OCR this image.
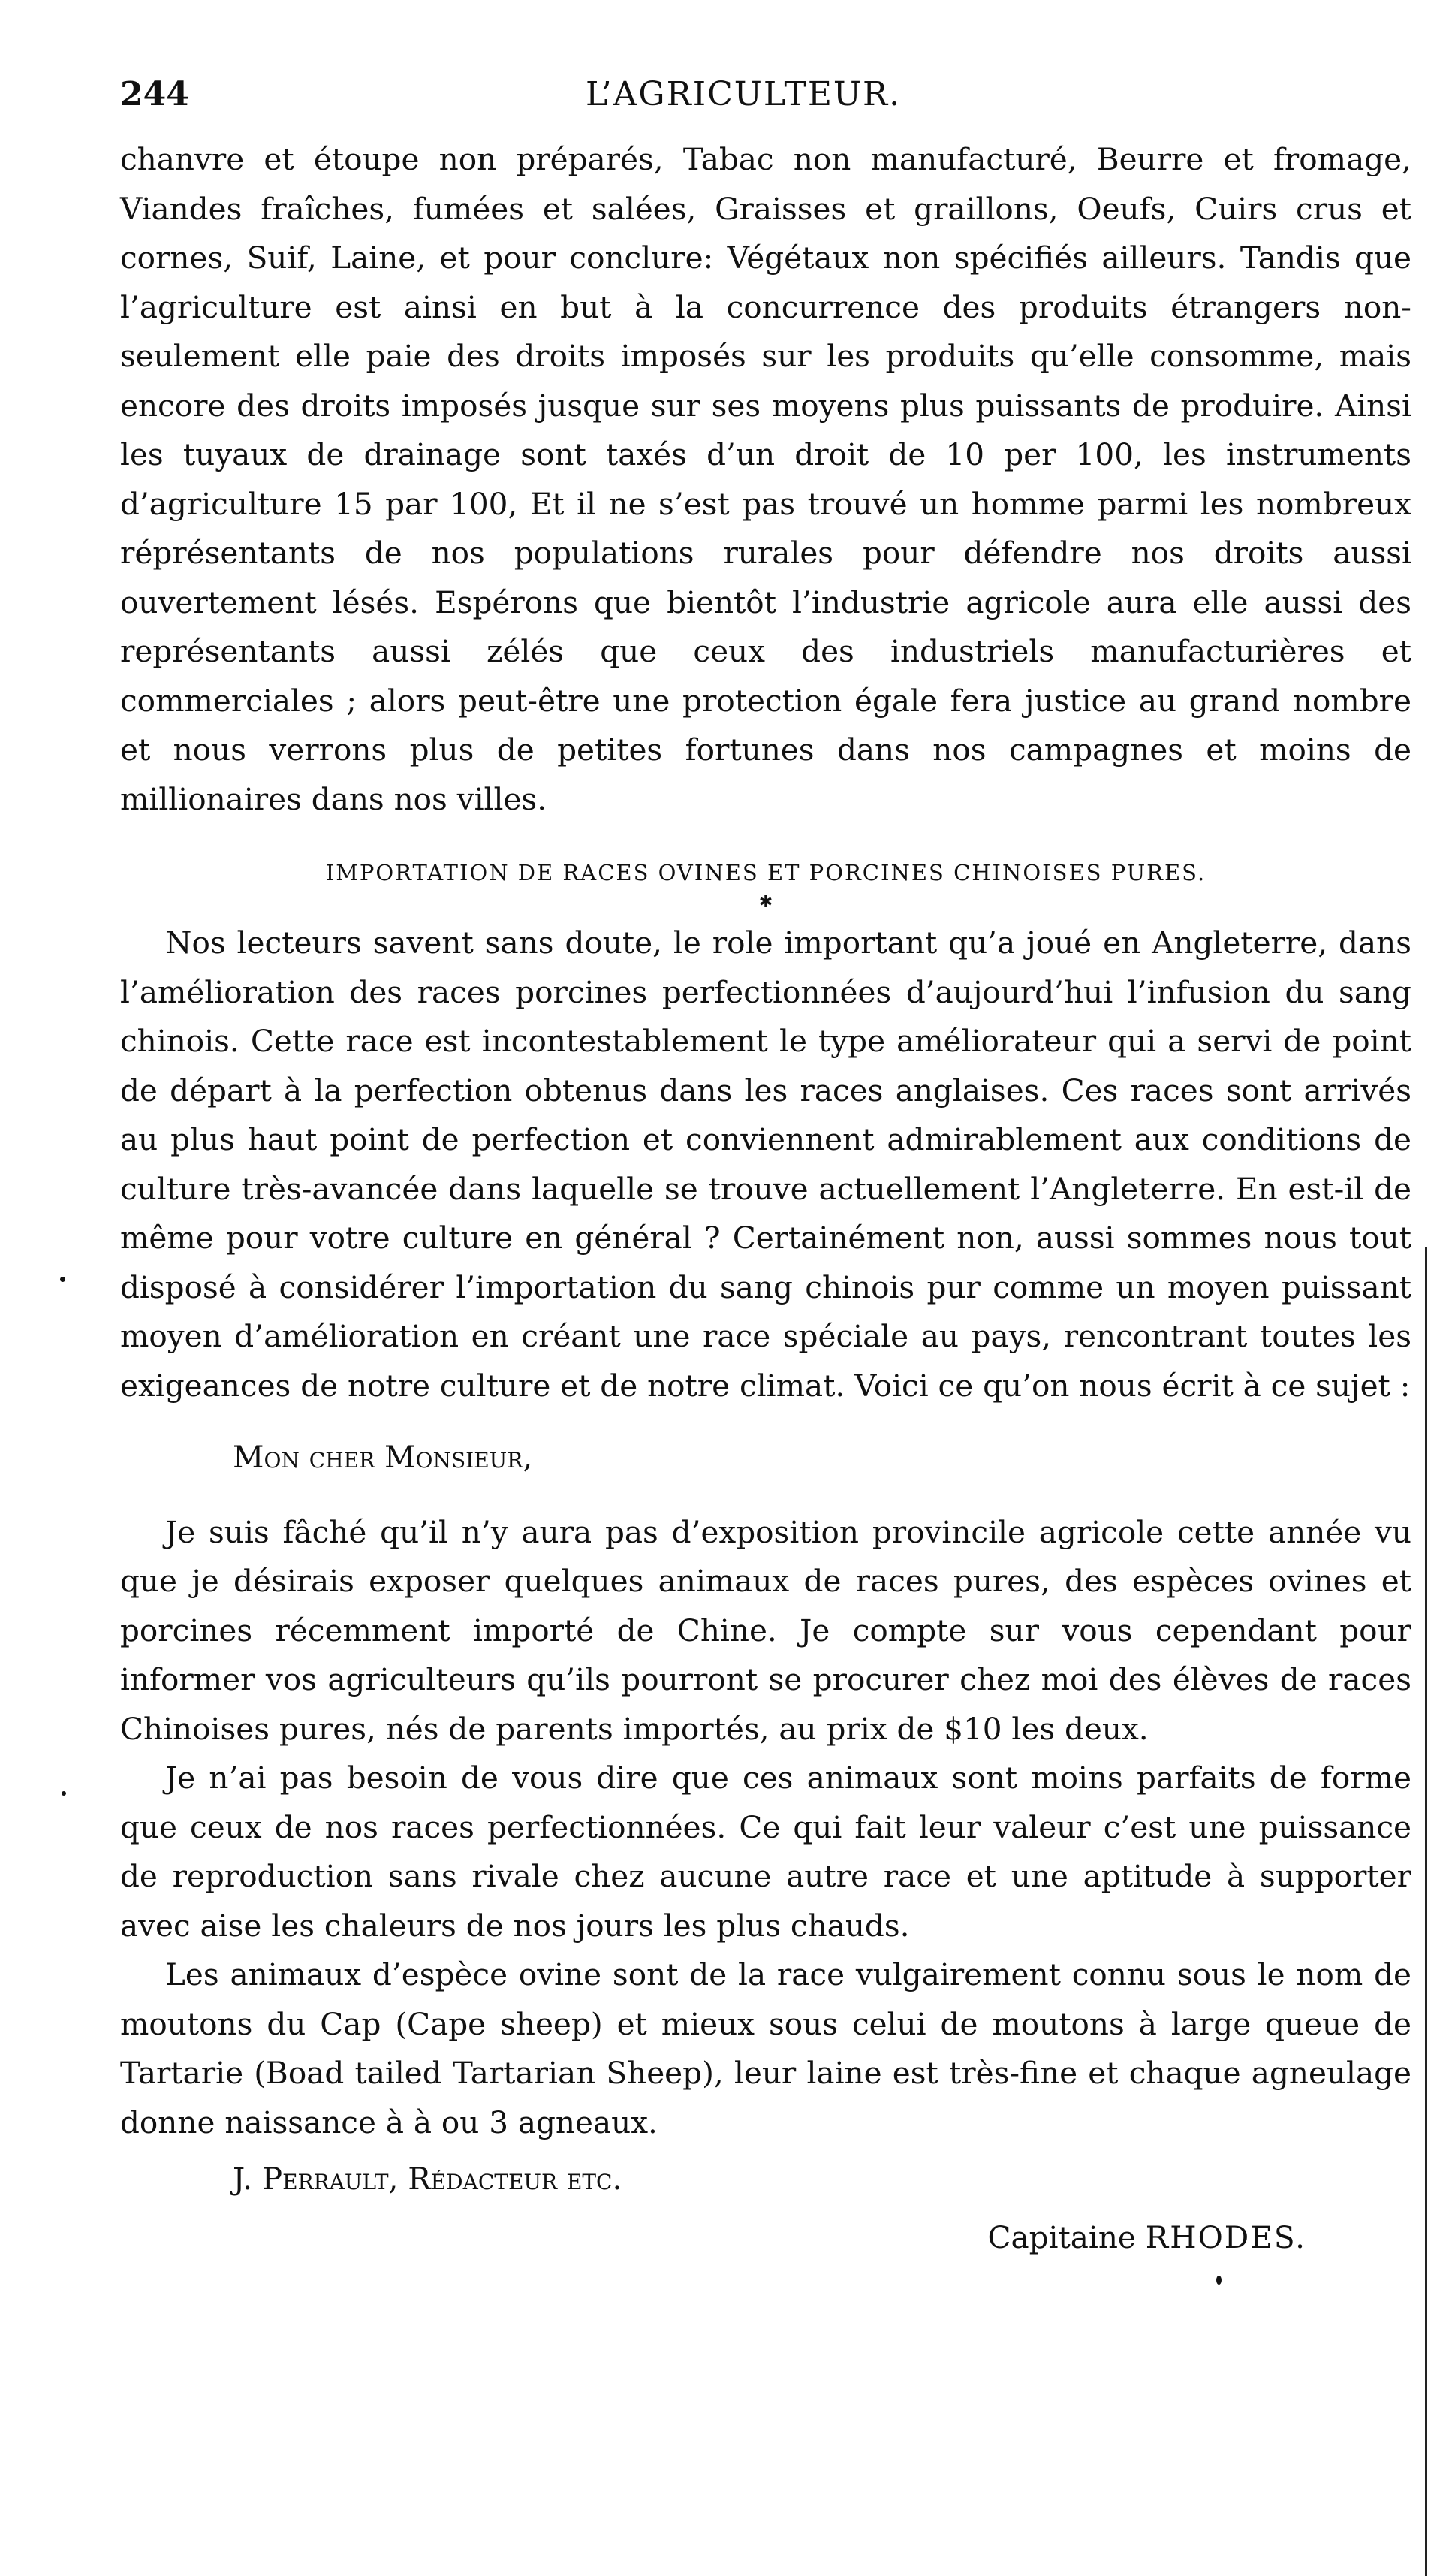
244	L’AGRICULTEUR.

chanvre et étoupe non préparés, Tabac non manufacturé, Beurre et fromage, Viandes fraîches, fumées et salées, Graisses et graillons, Oeufs, Cuirs crus et cornes, Suif, Laine, et pour conclure: Végétaux non spécifiés ailleurs. Tandis que l’agriculture est ainsi en but à la concurrence des produits étrangers non-seulement elle paie des droits imposés sur les produits qu’elle consomme, mais encore des droits imposés jusque sur ses moyens plus puissants de produire. Ainsi les tuyaux de drainage sont taxés d’un droit de 10 per 100, les instruments d’agriculture 15 par 100, Et il ne s’est pas trouvé un homme parmi les nombreux réprésentants de nos populations rurales pour défendre nos droits aussi ouvertement lésés. Espérons que bientôt l’industrie agricole aura elle aussi des représentants aussi zélés que ceux des industriels manufacturières et commerciales ; alors peut-être une protection égale fera justice au grand nombre et nous verrons plus de petites fortunes dans nos campagnes et moins de millionaires dans nos villes.

IMPORTATION DE RACES OVINES ET PORCINES CHINOISES PURES.
✱

Nos lecteurs savent sans doute, le role important qu’a joué en Angleterre, dans l’amélioration des races porcines perfectionnées d’aujourd’hui l’infusion du sang chinois. Cette race est incontestablement le type améliorateur qui a servi de point de départ à la perfection obtenus dans les races anglaises. Ces races sont arrivés au plus haut point de perfection et conviennent admirablement aux conditions de culture très-avancée dans laquelle se trouve actuellement l’Angleterre. En est-il de même pour votre culture en général ? Certainément non, aussi sommes nous tout disposé à considérer l’importation du sang chinois pur comme un moyen puissant moyen d’amélioration en créant une race spéciale au pays, rencontrant toutes les exigeances de notre culture et de notre climat. Voici ce qu’on nous écrit à ce sujet :

Mon cher Monsieur,

Je suis fâché qu’il n’y aura pas d’exposition provincile agricole cette année vu que je désirais exposer quelques animaux de races pures, des espèces ovines et porcines récemment importé de Chine. Je compte sur vous cependant pour informer vos agriculteurs qu’ils pourront se procurer chez moi des élèves de races Chinoises pures, nés de parents importés, au prix de $10 les deux.

Je n’ai pas besoin de vous dire que ces animaux sont moins parfaits de forme que ceux de nos races perfectionnées. Ce qui fait leur valeur c’est une puissance de reproduction sans rivale chez aucune autre race et une aptitude à supporter avec aise les chaleurs de nos jours les plus chauds.

Les animaux d’espèce ovine sont de la race vulgairement connu sous le nom de moutons du Cap (Cape sheep) et mieux sous celui de moutons à large queue de Tartarie (Boad tailed Tartarian Sheep), leur laine est très-fine et chaque agneulage donne naissance à à ou 3 agneaux.

J. Perrault, Rédacteur etc.
Capitaine RHODES.
